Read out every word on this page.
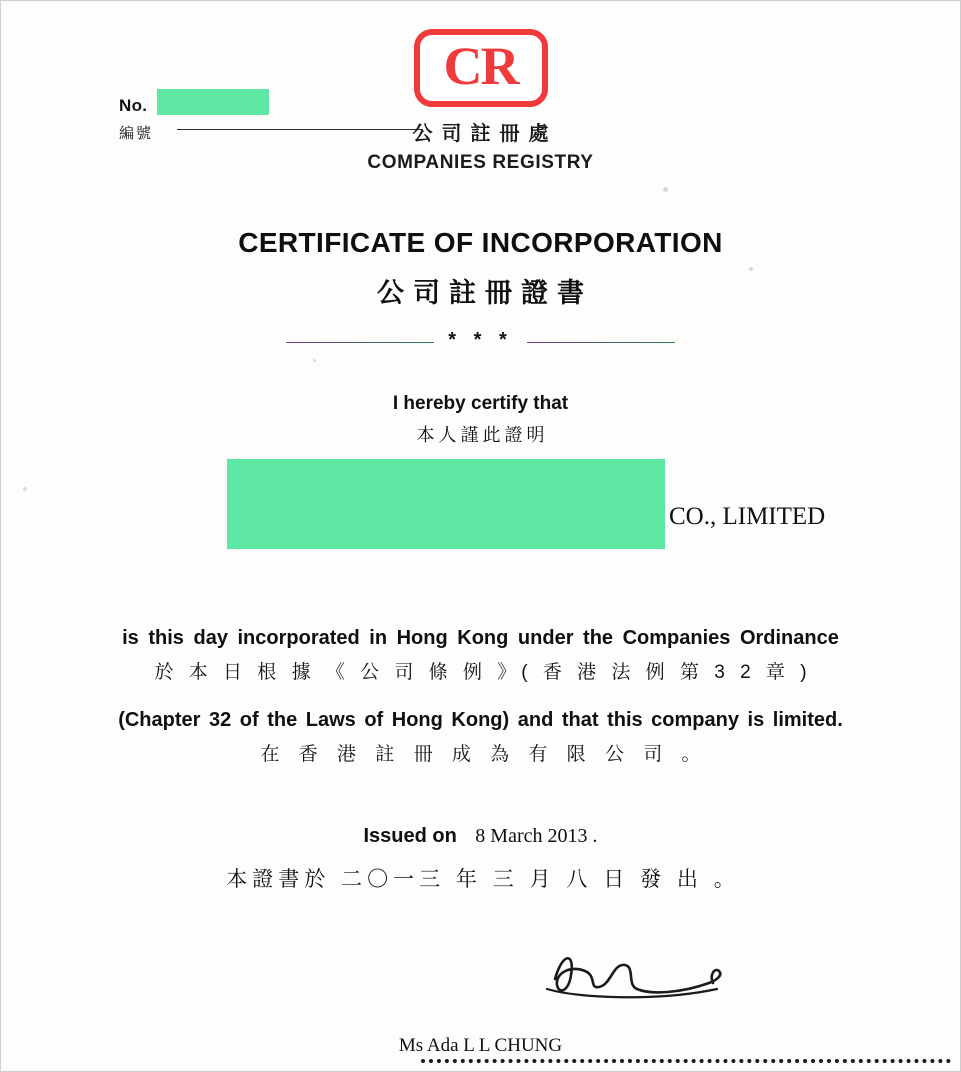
No.
編號
CR
公司註冊處
COMPANIES REGISTRY
CERTIFICATE OF INCORPORATION
公司註冊證書
* * *
I hereby certify that
本人謹此證明
CO., LIMITED
is this day incorporated in Hong Kong under the Companies Ordinance
於 本 日 根 據 《 公 司 條 例 》( 香 港 法 例 第 3 2 章 )
(Chapter 32 of the Laws of Hong Kong) and that this company is limited.
在 香 港 註 冊 成 為 有 限 公 司 。
Issued on 8 March 2013 .
本證書於 二〇一三 年 三 月 八 日 發 出 。
Ms Ada L L CHUNG
